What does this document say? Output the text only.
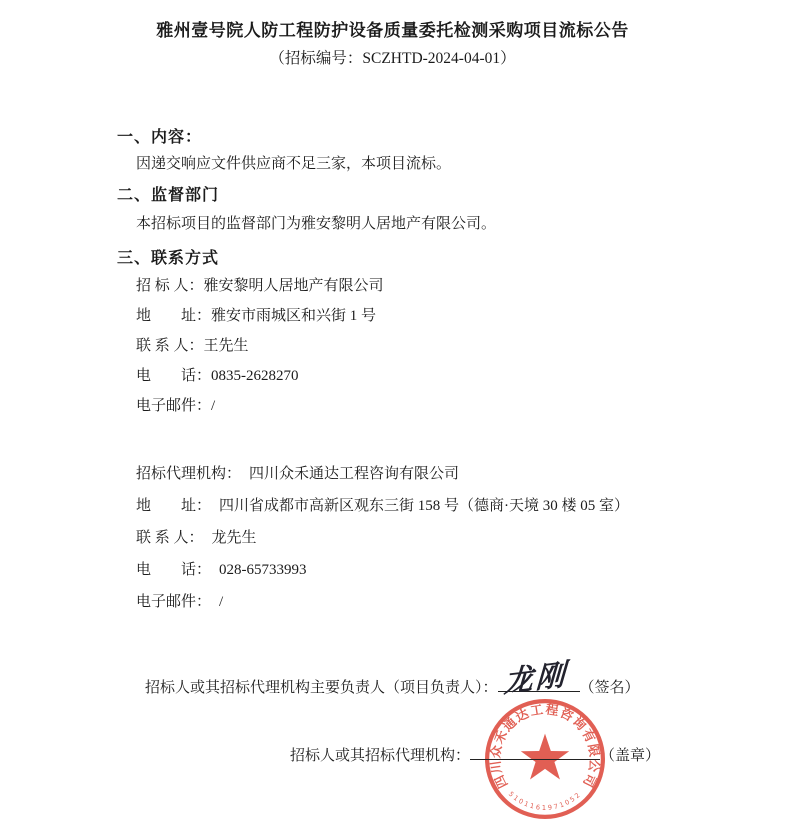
雅州壹号院人防工程防护设备质量委托检测采购项目流标公告
（招标编号：SCZHTD-2024-04-01）
一、内容：
因递交响应文件供应商不足三家，本项目流标。
二、监督部门
本招标项目的监督部门为雅安黎明人居地产有限公司。
三、联系方式
招 标 人： 雅安黎明人居地产有限公司
地　　址： 雅安市雨城区和兴街 1 号
联 系 人： 王先生
电　　话： 0835-2628270
电子邮件： /
招标代理机构： 四川众禾通达工程咨询有限公司
地　　址： 四川省成都市高新区观东三街 158 号（德商·天境 30 楼 05 室）
联 系 人： 龙先生
电　　话： 028-65733993
电子邮件： /
招标人或其招标代理机构主要负责人（项目负责人）：	（签名）
龙刚
招标人或其招标代理机构：	（盖章）
四川众禾通达工程咨询有限公司
5101161971052
